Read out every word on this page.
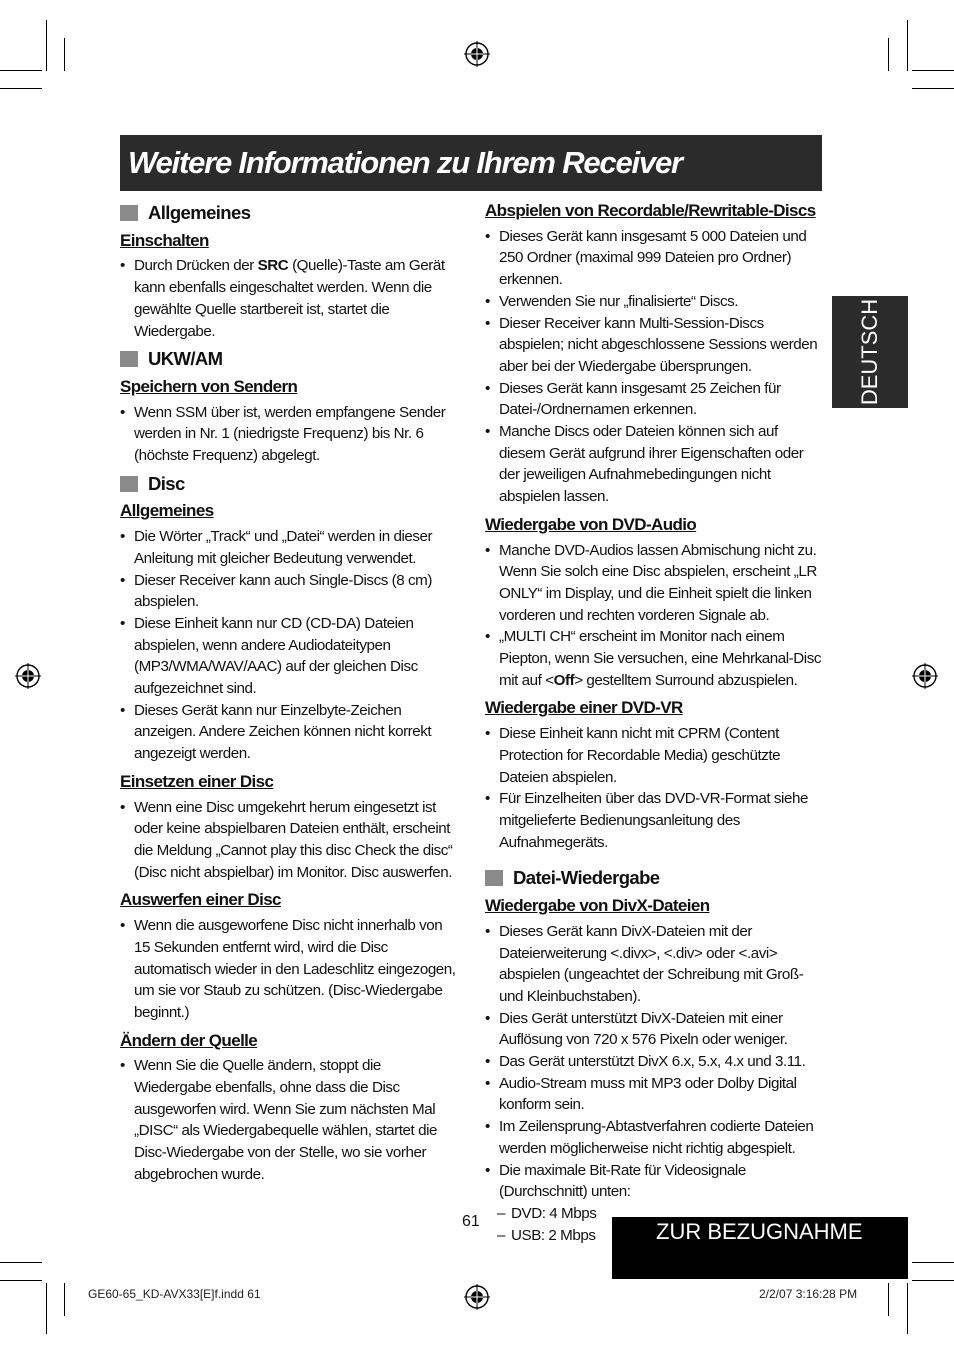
Weitere Informationen zu Ihrem Receiver
DEUTSCH
Allgemeines
Einschalten
• Durch Drücken der SRC (Quelle)-Taste am Gerät kann ebenfalls eingeschaltet werden. Wenn die gewählte Quelle startbereit ist, startet die Wiedergabe.
UKW/AM
Speichern von Sendern
• Wenn SSM über ist, werden empfangene Sender werden in Nr. 1 (niedrigste Frequenz) bis Nr. 6 (höchste Frequenz) abgelegt.
Disc
Allgemeines
• Die Wörter „Track“ und „Datei“ werden in dieser Anleitung mit gleicher Bedeutung verwendet.
• Dieser Receiver kann auch Single-Discs (8 cm) abspielen.
• Diese Einheit kann nur CD (CD-DA) Dateien abspielen, wenn andere Audiodateitypen (MP3/WMA/WAV/AAC) auf der gleichen Disc aufgezeichnet sind.
• Dieses Gerät kann nur Einzelbyte-Zeichen anzeigen. Andere Zeichen können nicht korrekt angezeigt werden.
Einsetzen einer Disc
• Wenn eine Disc umgekehrt herum eingesetzt ist oder keine abspielbaren Dateien enthält, erscheint die Meldung „Cannot play this disc Check the disc“ (Disc nicht abspielbar) im Monitor. Disc auswerfen.
Auswerfen einer Disc
• Wenn die ausgeworfene Disc nicht innerhalb von 15 Sekunden entfernt wird, wird die Disc automatisch wieder in den Ladeschlitz eingezogen, um sie vor Staub zu schützen. (Disc-Wiedergabe beginnt.)
Ändern der Quelle
• Wenn Sie die Quelle ändern, stoppt die Wiedergabe ebenfalls, ohne dass die Disc ausgeworfen wird. Wenn Sie zum nächsten Mal „DISC“ als Wiedergabequelle wählen, startet die Disc-Wiedergabe von der Stelle, wo sie vorher abgebrochen wurde.
Abspielen von Recordable/Rewritable-Discs
• Dieses Gerät kann insgesamt 5 000 Dateien und 250 Ordner (maximal 999 Dateien pro Ordner) erkennen.
• Verwenden Sie nur „finalisierte“ Discs.
• Dieser Receiver kann Multi-Session-Discs abspielen; nicht abgeschlossene Sessions werden aber bei der Wiedergabe übersprungen.
• Dieses Gerät kann insgesamt 25 Zeichen für Datei-/Ordnernamen erkennen.
• Manche Discs oder Dateien können sich auf diesem Gerät aufgrund ihrer Eigenschaften oder der jeweiligen Aufnahmebedingungen nicht abspielen lassen.
Wiedergabe von DVD-Audio
• Manche DVD-Audios lassen Abmischung nicht zu. Wenn Sie solch eine Disc abspielen, erscheint „LR ONLY“ im Display, und die Einheit spielt die linken vorderen und rechten vorderen Signale ab.
• „MULTI CH“ erscheint im Monitor nach einem Piepton, wenn Sie versuchen, eine Mehrkanal-Disc mit auf <Off> gestelltem Surround abzuspielen.
Wiedergabe einer DVD-VR
• Diese Einheit kann nicht mit CPRM (Content Protection for Recordable Media) geschützte Dateien abspielen.
• Für Einzelheiten über das DVD-VR-Format siehe mitgelieferte Bedienungsanleitung des Aufnahmegeräts.
Datei-Wiedergabe
Wiedergabe von DivX-Dateien
• Dieses Gerät kann DivX-Dateien mit der Dateierweiterung <.divx>, <.div> oder <.avi> abspielen (ungeachtet der Schreibung mit Groß- und Kleinbuchstaben).
• Dies Gerät unterstützt DivX-Dateien mit einer Auflösung von 720 x 576 Pixeln oder weniger.
• Das Gerät unterstützt DivX 6.x, 5.x, 4.x und 3.11.
• Audio-Stream muss mit MP3 oder Dolby Digital konform sein.
• Im Zeilensprung-Abtastverfahren codierte Dateien werden möglicherweise nicht richtig abgespielt.
• Die maximale Bit-Rate für Videosignale (Durchschnitt) unten:
– DVD: 4 Mbps
– USB: 2 Mbps
61	ZUR BEZUGNAHME
GE60-65_KD-AVX33[E]f.indd 61	2/2/07 3:16:28 PM
